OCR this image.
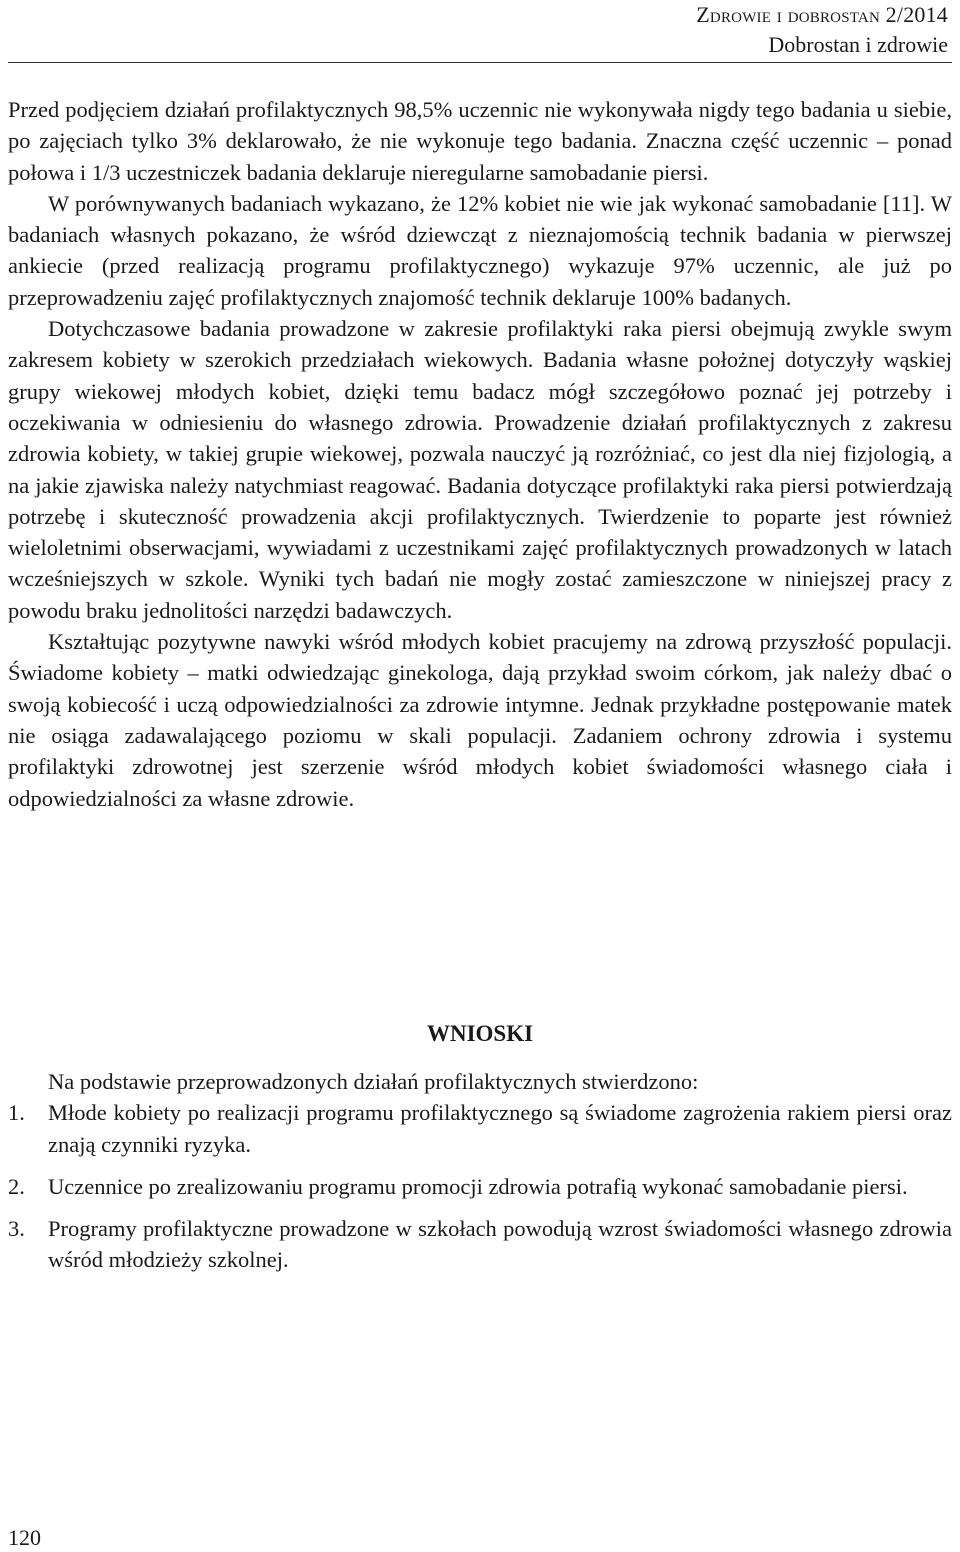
Zdrowie i dobrostan 2/2014
Dobrostan i zdrowie

Przed podjęciem działań profilaktycznych 98,5% uczennic nie wykonywała nigdy tego badania u siebie, po zajęciach tylko 3% deklarowało, że nie wykonuje tego badania. Znaczna część uczennic – ponad połowa i 1/3 uczestniczek badania deklaruje nieregularne samobadanie piersi.

W porównywanych badaniach wykazano, że 12% kobiet nie wie jak wykonać samobadanie [11]. W badaniach własnych pokazano, że wśród dziewcząt z nieznajomością technik badania w pierwszej ankiecie (przed realizacją programu profilaktycznego) wykazuje 97% uczennic, ale już po przeprowadzeniu zajęć profilaktycznych znajomość technik deklaruje 100% badanych.

Dotychczasowe badania prowadzone w zakresie profilaktyki raka piersi obejmują zwykle swym zakresem kobiety w szerokich przedziałach wiekowych. Badania własne położnej dotyczyły wąskiej grupy wiekowej młodych kobiet, dzięki temu badacz mógł szczegółowo poznać jej potrzeby i oczekiwania w odniesieniu do własnego zdrowia. Prowadzenie działań profilaktycznych z zakresu zdrowia kobiety, w takiej grupie wiekowej, pozwala nauczyć ją rozróżniać, co jest dla niej fizjologią, a na jakie zjawiska należy natychmiast reagować. Badania dotyczące profilaktyki raka piersi potwierdzają potrzebę i skuteczność prowadzenia akcji profilaktycznych. Twierdzenie to poparte jest również wieloletnimi obserwacjami, wywiadami z uczestnikami zajęć profilaktycznych prowadzonych w latach wcześniejszych w szkole. Wyniki tych badań nie mogły zostać zamieszczone w niniejszej pracy z powodu braku jednolitości narzędzi badawczych.

Kształtując pozytywne nawyki wśród młodych kobiet pracujemy na zdrową przyszłość populacji. Świadome kobiety – matki odwiedzając ginekologa, dają przykład swoim córkom, jak należy dbać o swoją kobiecość i uczą odpowiedzialności za zdrowie intymne. Jednak przykładne postępowanie matek nie osiąga zadawalającego poziomu w skali populacji. Zadaniem ochrony zdrowia i systemu profilaktyki zdrowotnej jest szerzenie wśród młodych kobiet świadomości własnego ciała i odpowiedzialności za własne zdrowie.

WNIOSKI

Na podstawie przeprowadzonych działań profilaktycznych stwierdzono:

1. Młode kobiety po realizacji programu profilaktycznego są świadome zagrożenia rakiem piersi oraz znają czynniki ryzyka.
2. Uczennice po zrealizowaniu programu promocji zdrowia potrafią wykonać samobadanie piersi.
3. Programy profilaktyczne prowadzone w szkołach powodują wzrost świadomości własnego zdrowia wśród młodzieży szkolnej.
120
